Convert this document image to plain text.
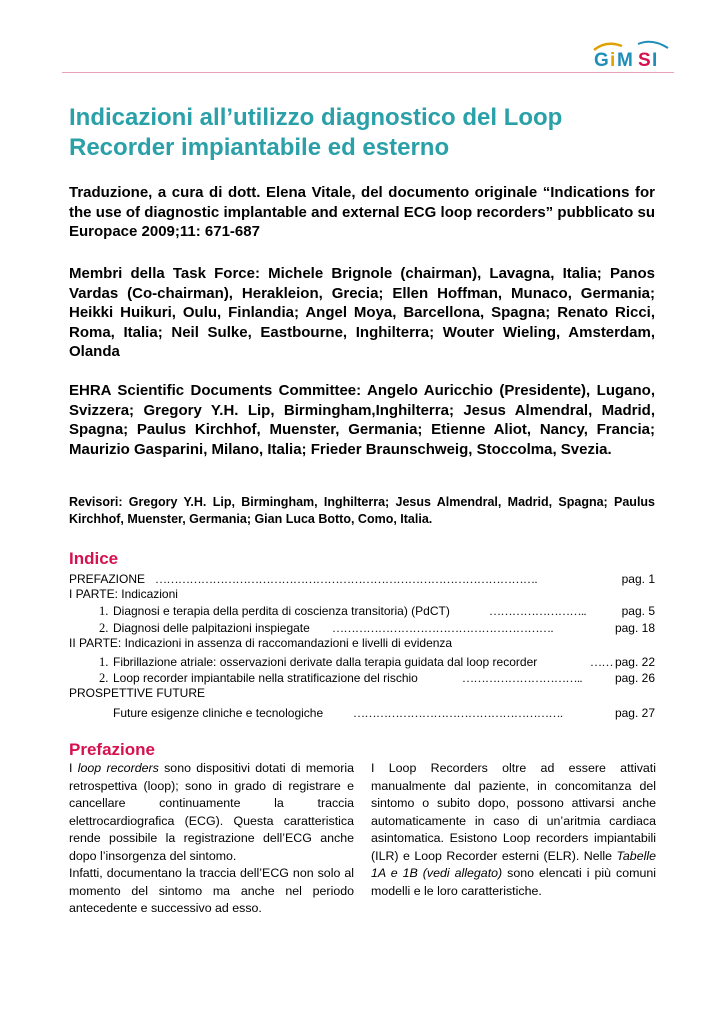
G i M S I
Indicazioni all’utilizzo diagnostico del Loop Recorder impiantabile ed esterno

Traduzione, a cura di dott. Elena Vitale, del documento originale “Indications for the use of diagnostic implantable and external ECG loop recorders” pubblicato su Europace 2009;11: 671-687

Membri della Task Force: Michele Brignole (chairman), Lavagna, Italia; Panos Vardas (Co-chairman), Herakleion, Grecia; Ellen Hoffman, Munaco, Germania; Heikki Huikuri, Oulu, Finlandia; Angel Moya, Barcellona, Spagna; Renato Ricci, Roma, Italia; Neil Sulke, Eastbourne, Inghilterra; Wouter Wieling, Amsterdam, Olanda

EHRA Scientific Documents Committee: Angelo Auricchio (Presidente), Lugano, Svizzera; Gregory Y.H. Lip, Birmingham,Inghilterra; Jesus Almendral, Madrid, Spagna; Paulus Kirchhof, Muenster, Germania; Etienne Aliot, Nancy, Francia; Maurizio Gasparini, Milano, Italia; Frieder Braunschweig, Stoccolma, Svezia.

Revisori: Gregory Y.H. Lip, Birmingham, Inghilterra; Jesus Almendral, Madrid, Spagna; Paulus Kirchhof, Muenster, Germania; Gian Luca Botto, Como, Italia.

Indice
PREFAZIONE ……………………………………………………………………………………….	pag. 1
I PARTE: Indicazioni
1. Diagnosi e terapia della perdita di coscienza transitoria) (PdCT)	……………………..	pag. 5
2. Diagnosi delle palpitazioni inspiegate ………………………………………………….	pag. 18
II PARTE: Indicazioni in assenza di raccomandazioni e livelli di evidenza
1. Fibrillazione atriale: osservazioni derivate dalla terapia guidata dal loop recorder	…… pag. 22
2. Loop recorder impiantabile nella stratificazione del rischio	…………………………..	pag. 26
PROSPETTIVE FUTURE
Future esigenze cliniche e tecnologiche ……………………………………………….	pag. 27
Prefazione

I loop recorders sono dispositivi dotati di memoria retrospettiva (loop); sono in grado di registrare e cancellare continuamente la traccia elettrocardiografica (ECG). Questa caratteristica rende possibile la registrazione dell’ECG anche dopo l’insorgenza del sintomo.

Infatti, documentano la traccia dell’ECG non solo al momento del sintomo ma anche nel periodo antecedente e successivo ad esso.

I Loop Recorders oltre ad essere attivati manualmente dal paziente, in concomitanza del sintomo o subito dopo, possono attivarsi anche automaticamente in caso di un’aritmia cardiaca asintomatica. Esistono Loop recorders impiantabili (ILR) e Loop Recorder esterni (ELR). Nelle Tabelle 1A e 1B (vedi allegato) sono elencati i più comuni modelli e le loro caratteristiche.
